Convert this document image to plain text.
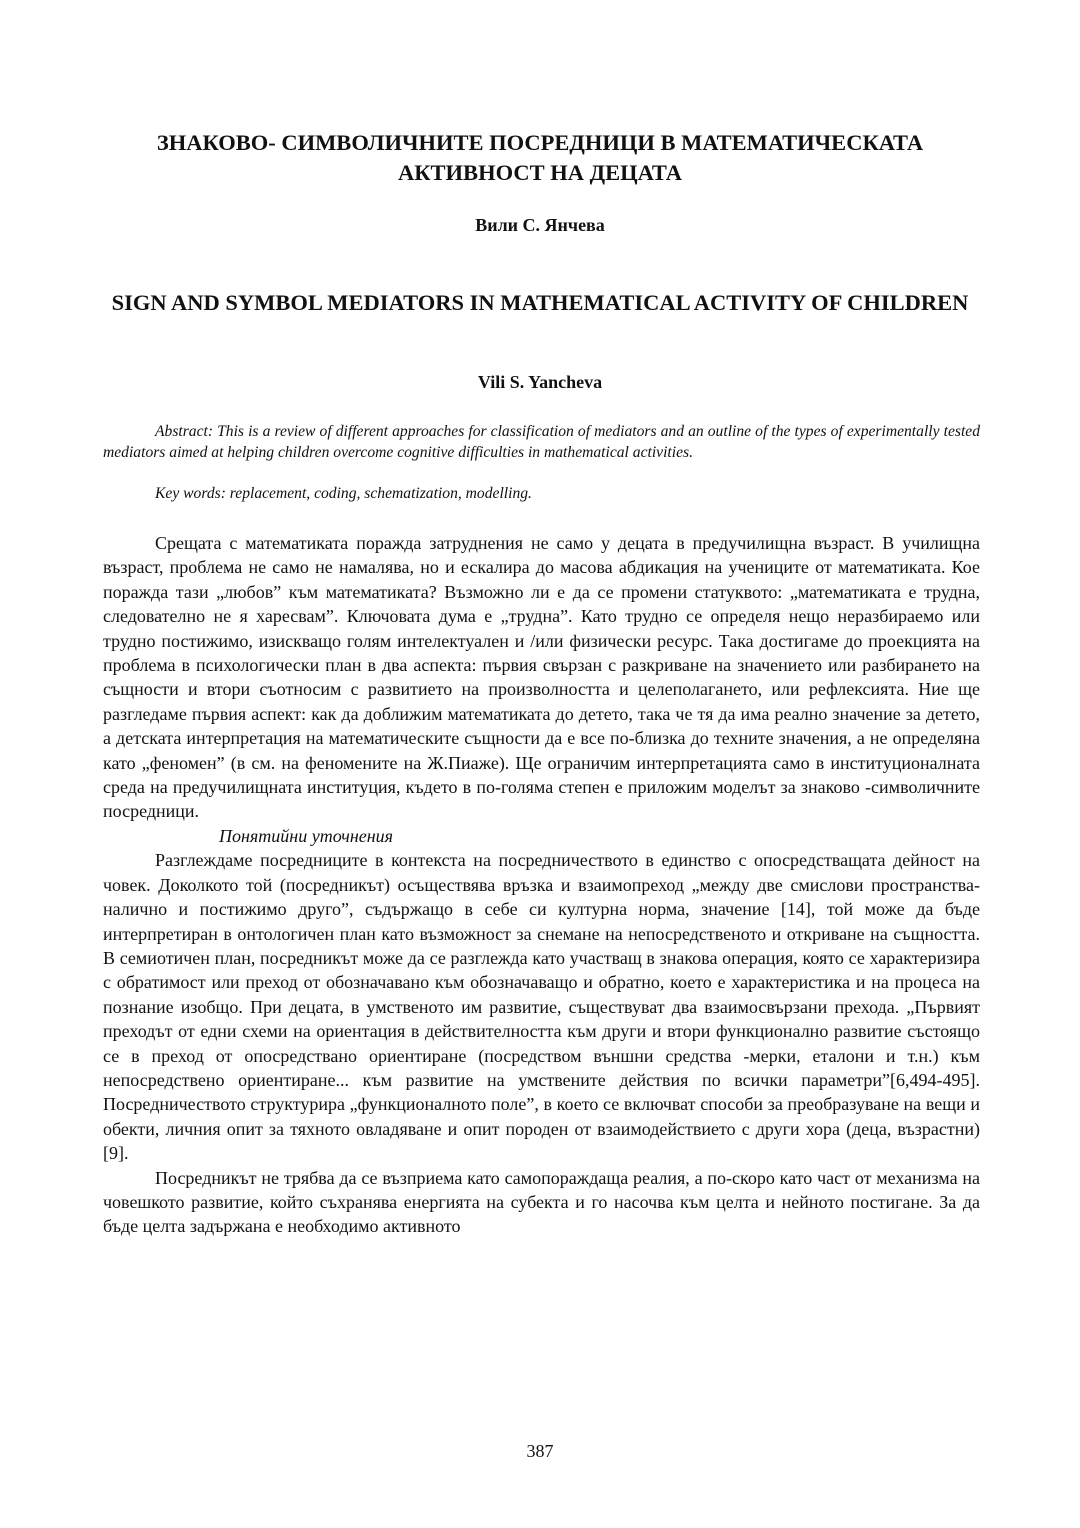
ЗНАКОВО- СИМВОЛИЧНИТЕ ПОСРЕДНИЦИ В МАТЕМАТИЧЕСКАТА АКТИВНОСТ НА ДЕЦАТА
Вили С. Янчева
SIGN AND SYMBOL MEDIATORS IN MATHEMATICAL ACTIVITY OF CHILDREN
Vili S. Yancheva

Abstract: This is a review of different approaches for classification of mediators and an outline of the types of experimentally tested mediators aimed at helping children overcome cognitive difficulties in mathematical activities.

Key words: replacement, coding, schematization, modelling.

Срещата с математиката поражда затруднения не само у децата в предучилищна възраст. В училищна възраст, проблема не само не намалява, но и ескалира до масова абдикация на учениците от математиката. Кое поражда тази „любов” към математиката? Възможно ли е да се промени статуквото: „математиката е трудна, следователно не я харесвам”. Ключовата дума е „трудна”. Като трудно се определя нещо неразбираемо или трудно постижимо, изискващо голям интелектуален и /или физически ресурс. Така достигаме до проекцията на проблема в психологически план в два аспекта: първия свързан с разкриване на значението или разбирането на същности и втори съотносим с развитието на произволността и целеполагането, или рефлексията. Ние ще разгледаме първия аспект: как да доближим математиката до детето, така че тя да има реално значение за детето, а детската интерпретация на математическите същности да е все по-близка до техните значения, а не определяна като „феномен” (в см. на феномените на Ж.Пиаже). Ще ограничим интерпретацията само в институционалната среда на предучилищната институция, където в по-голяма степен е приложим моделът за знаково -символичните посредници.

Понятийни уточнения

Разглеждаме посредниците в контекста на посредничеството в единство с опосредстващата дейност на човек. Доколкото той (посредникът) осъществява връзка и взаимопреход „между две смислови пространства- налично и постижимо друго”, съдържащо в себе си културна норма, значение [14], той може да бъде интерпретиран в онтологичен план като възможност за снемане на непосредственото и откриване на същността. В семиотичен план, посредникът може да се разглежда като участващ в знакова операция, която се характеризира с обратимост или преход от обозначавано към обозначаващо и обратно, което е характеристика и на процеса на познание изобщо. При децата, в умственото им развитие, съществуват два взаимосвързани прехода. „Първият преходът от едни схеми на ориентация в действителността към други и втори функционално развитие състоящо се в преход от опосредствано ориентиране (посредством външни средства -мерки, еталони и т.н.) към непосредствено ориентиране... към развитие на умствените действия по всички параметри”[6,494-495]. Посредничеството структурира „функционалното поле”, в което се включват способи за преобразуване на вещи и обекти, личния опит за тяхното овладяване и опит породен от взаимодействието с други хора (деца, възрастни)[9].

Посредникът не трябва да се възприема като самопораждаща реалия, а по-скоро като част от механизма на човешкото развитие, който съхранява енергията на субекта и го насочва към целта и нейното постигане. За да бъде целта задържана е необходимо активното

387
